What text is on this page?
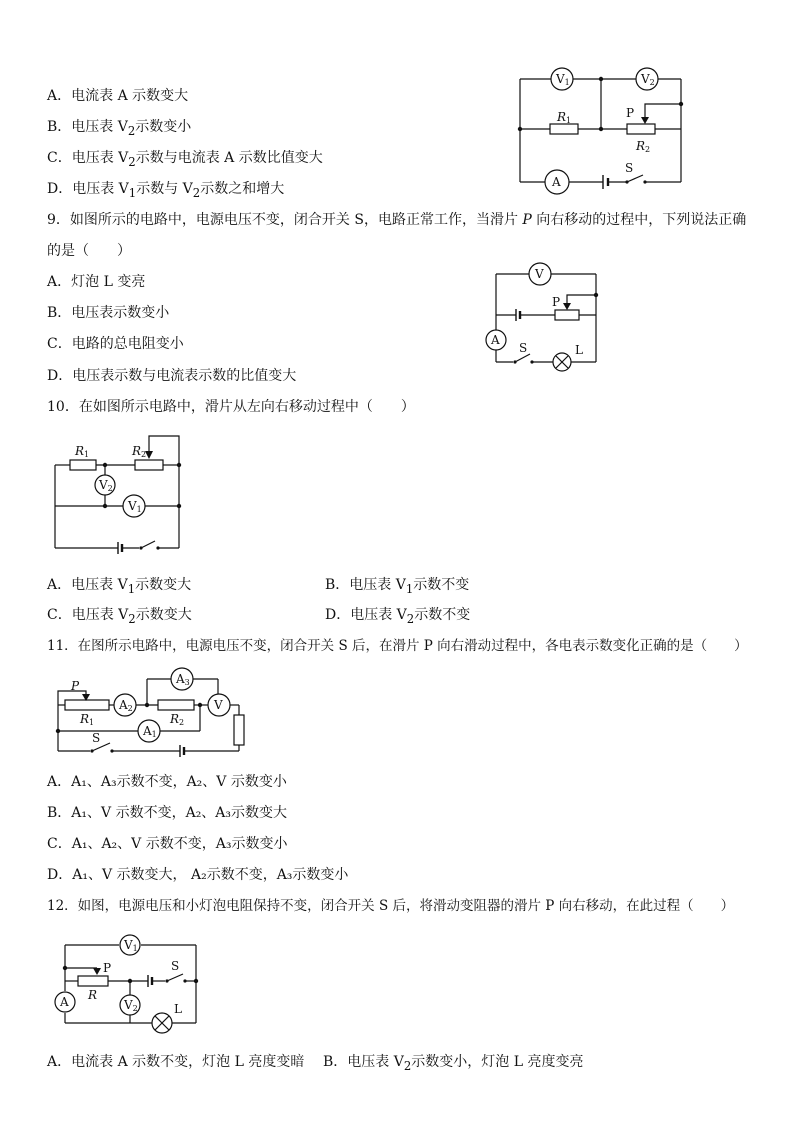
A．电流表 A 示数变大
B．电压表 $V_2$示数变小
C．电压表 $V_2$示数与电流表 A 示数比值变大
D．电压表 $V_1$示数与 $V_2$示数之和增大
V1	V2
A
R1
P
R2
S
9．如图所示的电路中，电源电压不变，闭合开关 S，电路正常工作，当滑片 P 向右移动的过程中，下列说法正确
的是（　　）
A．灯泡 L 变亮
B．电压表示数变小
C．电路的总电阻变小
D．电压表示数与电流表示数的比值变大
V
A
P
S	L
10．在如图所示电路中，滑片从左向右移动过程中（　　）
V2
V1
R1	R2
A．电压表 $V_1$示数变大	B．电压表 $V_1$示数不变
C．电压表 $V_2$示数变大	D．电压表 $V_2$示数不变
11．在图所示电路中，电源电压不变，闭合开关 S 后，在滑片 P 向右滑动过程中，各电表示数变化正确的是（　　）
A3
A2	V
A1
P
R1	R2
S
A．A₁、A₃示数不变，A₂、V 示数变小
B．A₁、V 示数不变，A₂、A₃示数变大
C．A₁、A₂、V 示数不变，A₃示数变小
D．A₁、V 示数变大， A₂示数不变，A₃示数变小
12．如图，电源电压和小灯泡电阻保持不变，闭合开关 S 后，将滑动变阻器的滑片 P 向右移动，在此过程（　　）
V1
A	V2
P
R
S
L
A．电流表 A 示数不变，灯泡 L 亮度变暗 B．电压表 $V_2$示数变小，灯泡 L 亮度变亮
